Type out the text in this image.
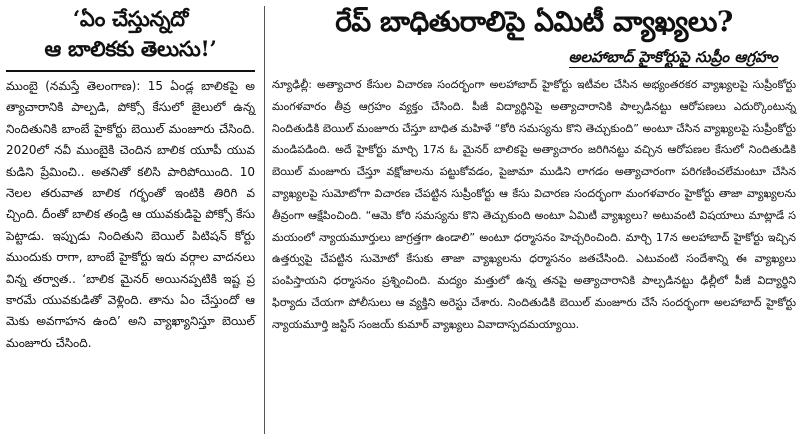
‘ఏం చేస్తున్నదో
ఆ బాలికకు తెలుసు!’

ముంబై (నమస్తే తెలంగాణ): 15 ఏండ్ల బాలికపై అత్యాచారానికి పాల్పడి, పోక్సో కేసులో జైలులో ఉన్న నిందితునికి బాంబే హైకోర్టు బెయిల్ మంజూరు చేసింది. 2020లో నవీ ముంబైకి చెందిన బాలిక యూపీ యువకుడిని ప్రేమించి.. అతనితో కలిసి పారిపోయింది. 10 నెలల తరువాత బాలిక గర్భంతో ఇంటికి తిరిగి వచ్చింది. దీంతో బాలిక తండ్రి ఆ యువకుడిపై పోక్సో కేసు పెట్టాడు. ఇప్పుడు నిందితుని బెయిల్ పిటిషన్ కోర్టు ముందుకు రాగా, బాంబే హైకోర్టు ఇరు వర్గాల వాదనలు విన్న తర్వాత.. ‘బాలిక మైనర్ అయినప్పటికి ఇష్ట ప్రకారమే యువకుడితో వెళ్లింది. తాను ఏం చేస్తుందో ఆమెకు అవగాహన ఉంది’ అని వ్యాఖ్యానిస్తూ బెయిల్ మంజూరు చేసింది.

రేప్ బాధితురాలిపై ఏమిటీ వ్యాఖ్యలు?
అలహాబాద్ హైకోర్టుపై సుప్రీం ఆగ్రహం

న్యూఢిల్లీ: అత్యాచార కేసుల విచారణ సందర్భంగా అలహాబాద్ హైకోర్టు ఇటీవల చేసిన అభ్యంతరకర వ్యాఖ్యలపై సుప్రీంకోర్టు మంగళవారం తీవ్ర ఆగ్రహం వ్యక్తం చేసింది. పీజీ విద్యార్థినిపై అత్యాచారానికి పాల్పడినట్టు ఆరోపణలు ఎదుర్కొంటున్న నిందితుడికి బెయిల్ మంజూరు చేస్తూ బాధిత మహిళే “కోరి సమస్యను కొని తెచ్చుకుంది” అంటూ చేసిన వ్యాఖ్యలపై సుప్రీంకోర్టు మండిపడింది. అదే హైకోర్టు మార్చి 17న ఓ మైనర్ బాలికపై అత్యాచారం జరిగినట్టు వచ్చిన ఆరోపణల కేసులో నిందితుడికి బెయిల్ మంజూరు చేస్తూ వక్షోజాలను పట్టుకోవడం, పైజామా ముడిని లాగడం అత్యాచారంగా పరిగణించలేమంటూ చేసిన వ్యాఖ్యలపై సుమోటోగా విచారణ చేపట్టిన సుప్రీంకోర్టు ఆ కేసు విచారణ సందర్భంగా మంగళవారం హైకోర్టు తాజా వ్యాఖ్యలను తీవ్రంగా ఆక్షేపించింది. “ఆమె కోరి సమస్యను కొని తెచ్చుకుంది అంటూ ఏమిటీ వ్యాఖ్యలు? అటువంటి విషయాలు మాట్లాడే సమయంలో న్యాయమూర్తులు జాగ్రత్తగా ఉండాలి” అంటూ ధర్మాసనం హెచ్చరించింది. మార్చి 17న అలహాబాద్ హైకోర్టు ఇచ్చిన ఉత్తర్వుపై చేపట్టిన సుమోటో కేసుకు తాజా వ్యాఖ్యలను ధర్మాసనం జతచేసింది. ఎటువంటి సందేశాన్ని ఈ వ్యాఖ్యలు పంపిస్తాయని ధర్మాసనం ప్రశ్నించింది. మద్యం మత్తులో ఉన్న తనపై అత్యాచారానికి పాల్పడినట్టు ఢిల్లీలో పీజీ విద్యార్థిని ఫిర్యాదు చేయగా పోలీసులు ఆ వ్యక్తిని అరెస్టు చేశారు. నిందితుడికి బెయిల్ మంజూరు చేసే సందర్భంగా అలహాబాద్ హైకోర్టు న్యాయమూర్తి జస్టిస్ సంజయ్ కుమార్ వ్యాఖ్యలు వివాదాస్పదమయ్యాయి.
